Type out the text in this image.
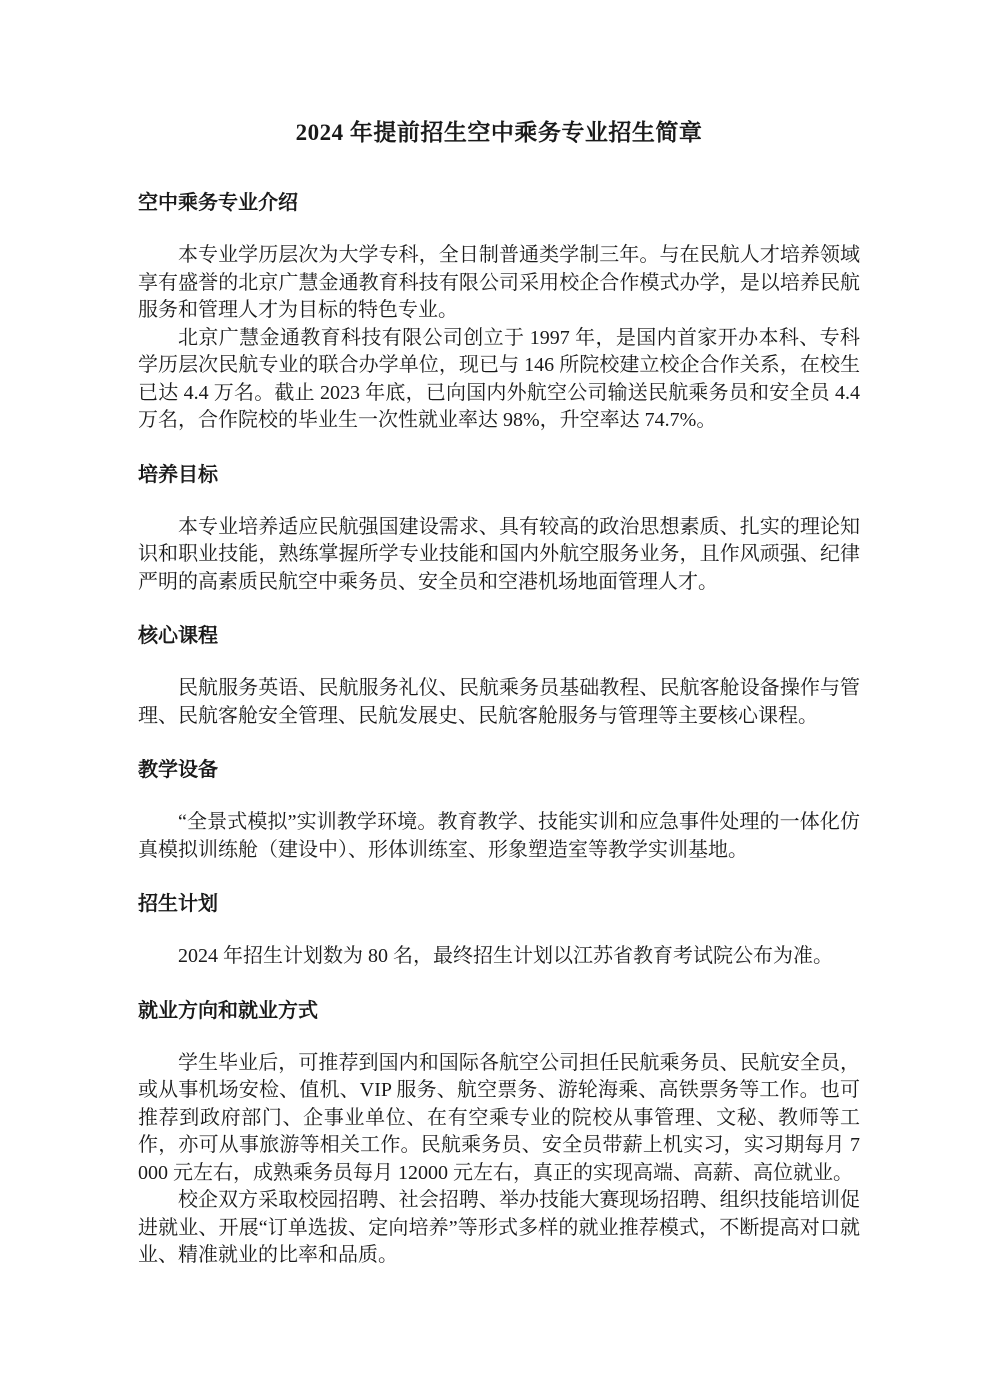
2024 年提前招生空中乘务专业招生简章
空中乘务专业介绍

本专业学历层次为大学专科，全日制普通类学制三年。与在民航人才培养领域享有盛誉的北京广慧金通教育科技有限公司采用校企合作模式办学，是以培养民航服务和管理人才为目标的特色专业。

北京广慧金通教育科技有限公司创立于 1997 年，是国内首家开办本科、专科学历层次民航专业的联合办学单位，现已与 146 所院校建立校企合作关系，在校生已达 4.4 万名。截止 2023 年底，已向国内外航空公司输送民航乘务员和安全员 4.4 万名，合作院校的毕业生一次性就业率达 98%，升空率达 74.7%。

培养目标

本专业培养适应民航强国建设需求、具有较高的政治思想素质、扎实的理论知识和职业技能，熟练掌握所学专业技能和国内外航空服务业务，且作风顽强、纪律严明的高素质民航空中乘务员、安全员和空港机场地面管理人才。

核心课程

民航服务英语、民航服务礼仪、民航乘务员基础教程、民航客舱设备操作与管理、民航客舱安全管理、民航发展史、民航客舱服务与管理等主要核心课程。

教学设备

“全景式模拟”实训教学环境。教育教学、技能实训和应急事件处理的一体化仿真模拟训练舱（建设中）、形体训练室、形象塑造室等教学实训基地。

招生计划

2024 年招生计划数为 80 名，最终招生计划以江苏省教育考试院公布为准。

就业方向和就业方式

学生毕业后，可推荐到国内和国际各航空公司担任民航乘务员、民航安全员，或从事机场安检、值机、VIP 服务、航空票务、游轮海乘、高铁票务等工作。也可推荐到政府部门、企事业单位、在有空乘专业的院校从事管理、文秘、教师等工作，亦可从事旅游等相关工作。民航乘务员、安全员带薪上机实习，实习期每月 7000 元左右，成熟乘务员每月 12000 元左右，真正的实现高端、高薪、高位就业。

校企双方采取校园招聘、社会招聘、举办技能大赛现场招聘、组织技能培训促进就业、开展“订单选拔、定向培养”等形式多样的就业推荐模式，不断提高对口就业、精准就业的比率和品质。
